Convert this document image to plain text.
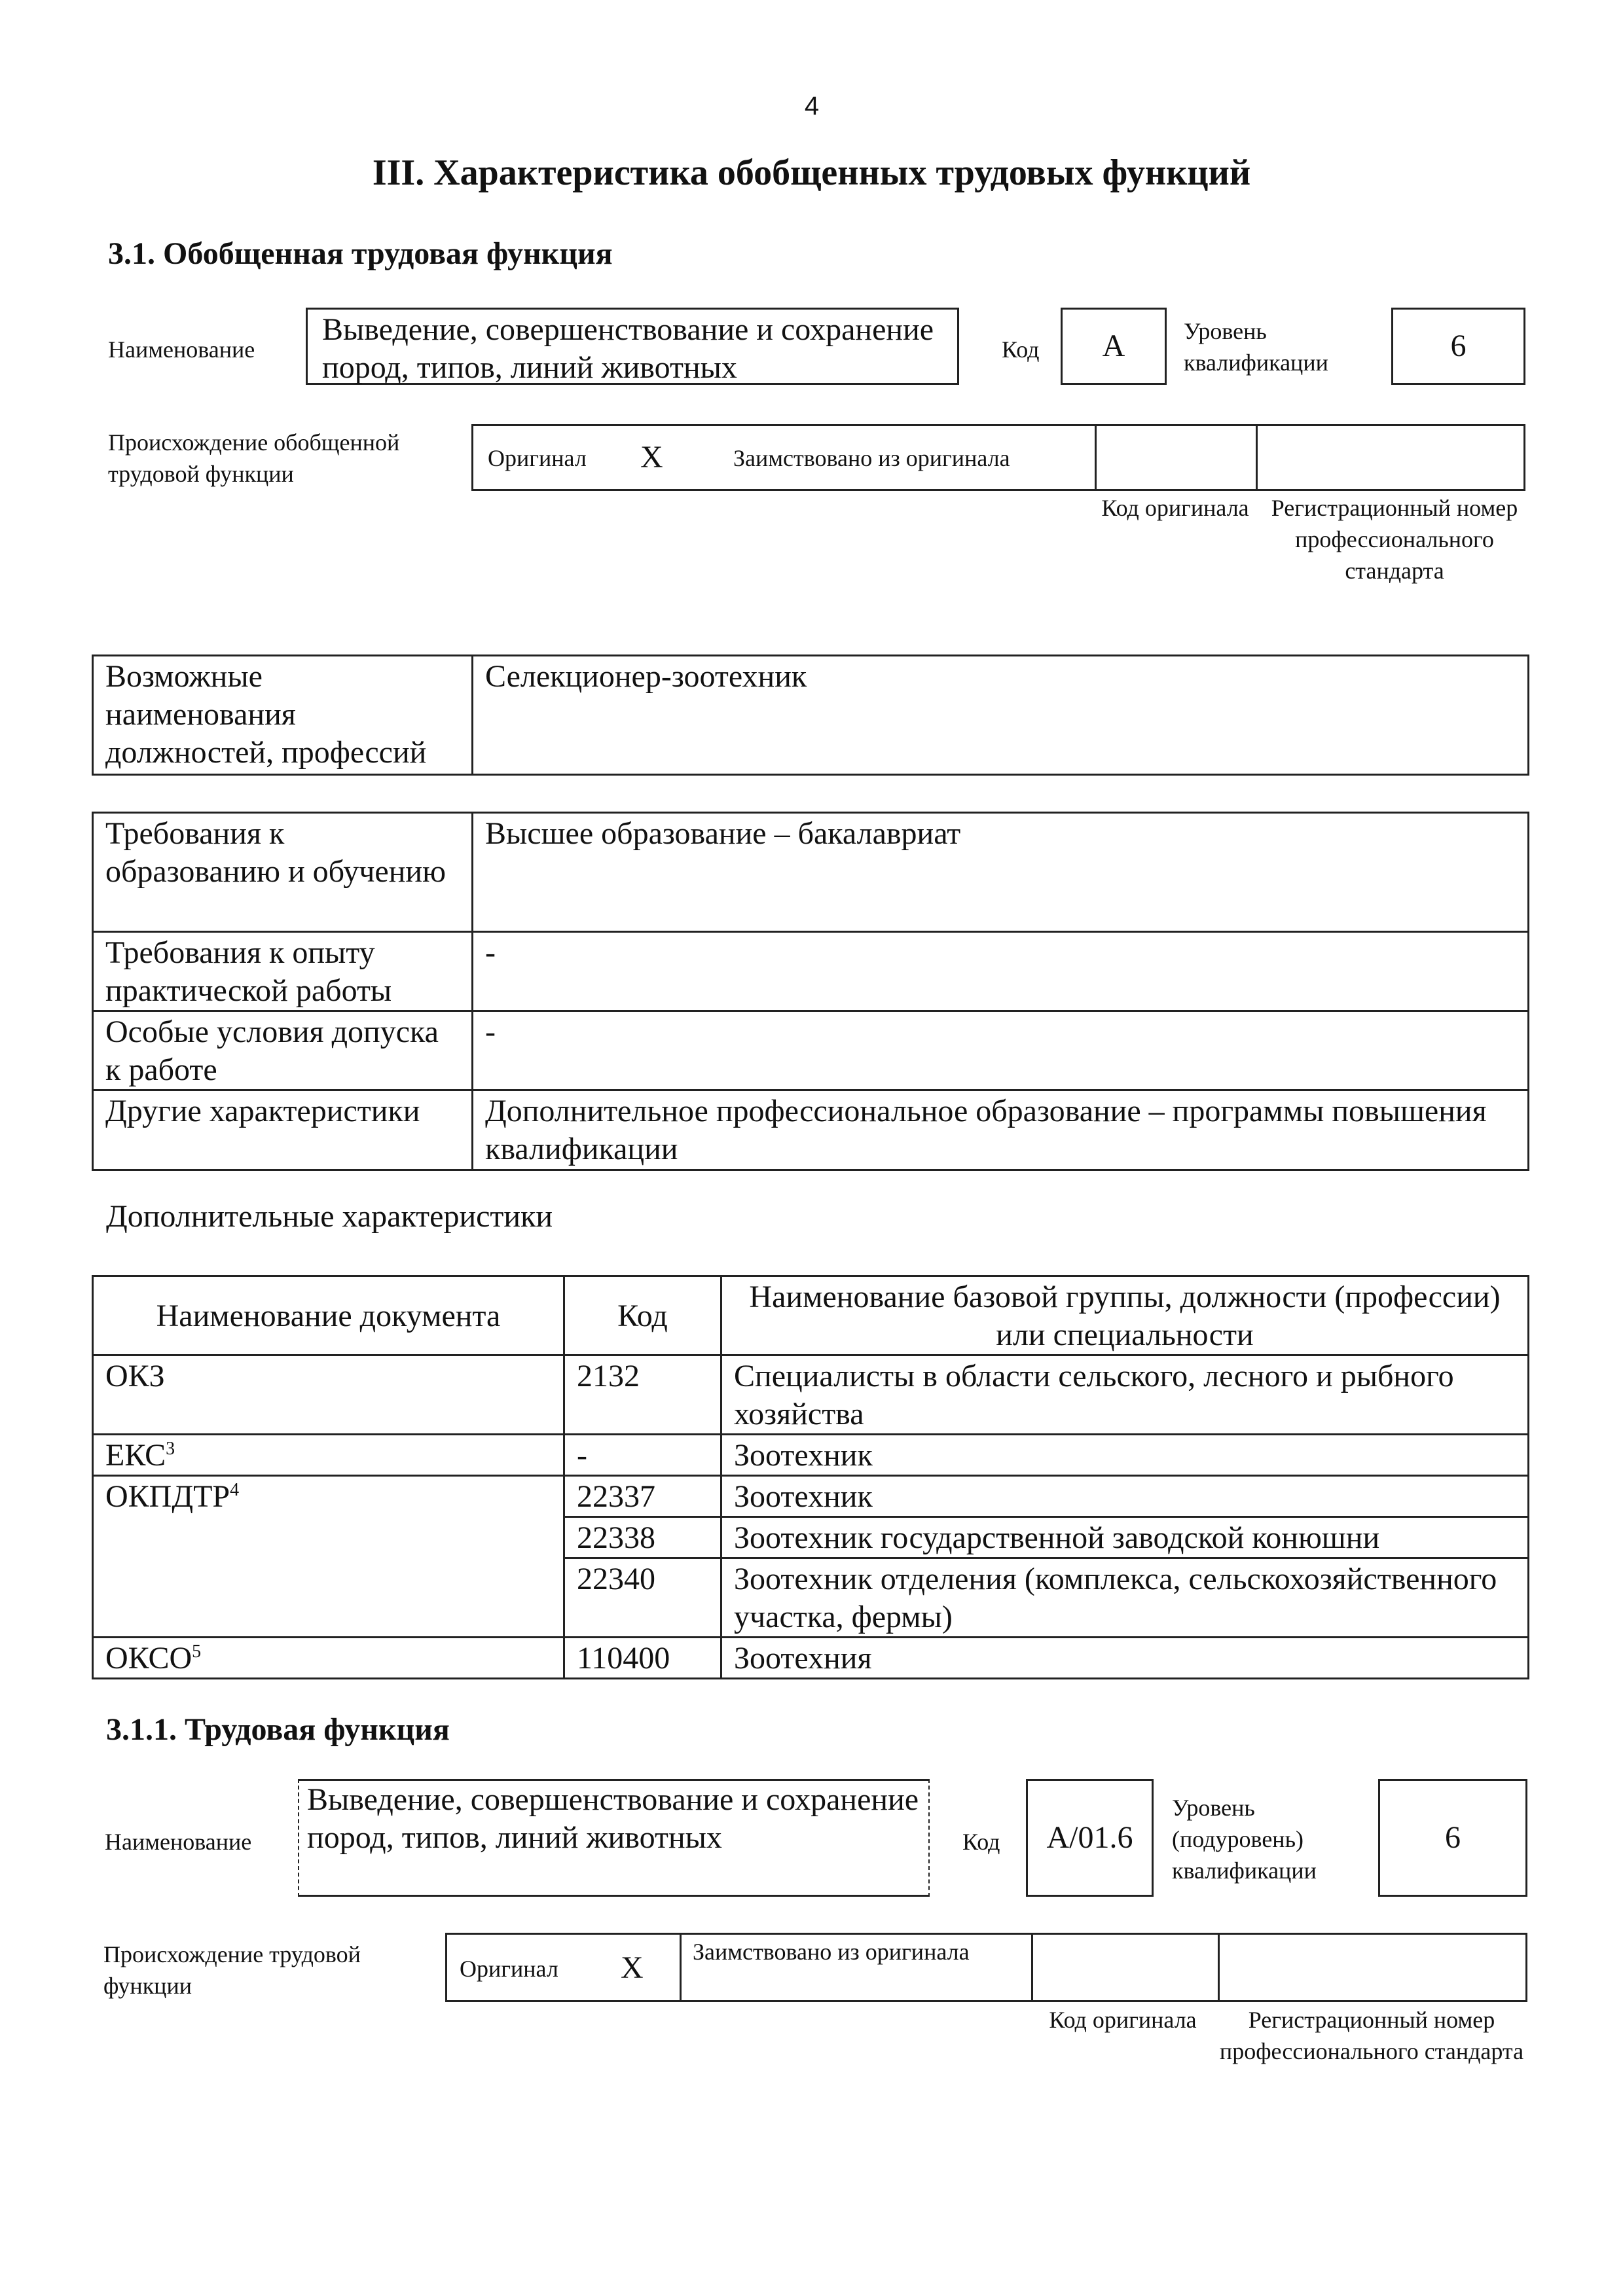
4
III. Характеристика обобщенных трудовых функций
3.1. Обобщенная трудовая функция
Наименование
Выведение, совершенствование и сохранение пород, типов, линий животных
Код	А	Уровень квалификации	6
Происхождение обобщенной трудовой функции
Оригинал X	Заимствовано из оригинала
Код оригинала Регистрационный номер профессионального стандарта
Возможные наименования должностей, профессий	Селекционер-зоотехник
Требования к образованию и обучению	Высшее образование – бакалавриат
Требования к опыту практической работы	-
Особые условия допуска к работе	-
Другие характеристики	Дополнительное профессиональное образование – программы повышения квалификации
Дополнительные характеристики
Наименование документа	Код	Наименование базовой группы, должности (профессии) или специальности
ОКЗ	2132	Специалисты в области сельского, лесного и рыбного хозяйства
ЕКС$^3$	-	Зоотехник
ОКПДТР$^4$	22337	Зоотехник
	22338	Зоотехник государственной заводской конюшни
	22340	Зоотехник отделения (комплекса, сельскохозяйственного участка, фермы)
ОКСО$^5$	110400	Зоотехния
3.1.1. Трудовая функция
Наименование
Выведение, совершенствование и сохранение пород, типов, линий животных	Код	A/01.6
Уровень (подуровень) квалификации
6
Происхождение трудовой функции
Оригинал X Заимствовано из оригинала
Код оригинала	Регистрационный номер профессионального стандарта
